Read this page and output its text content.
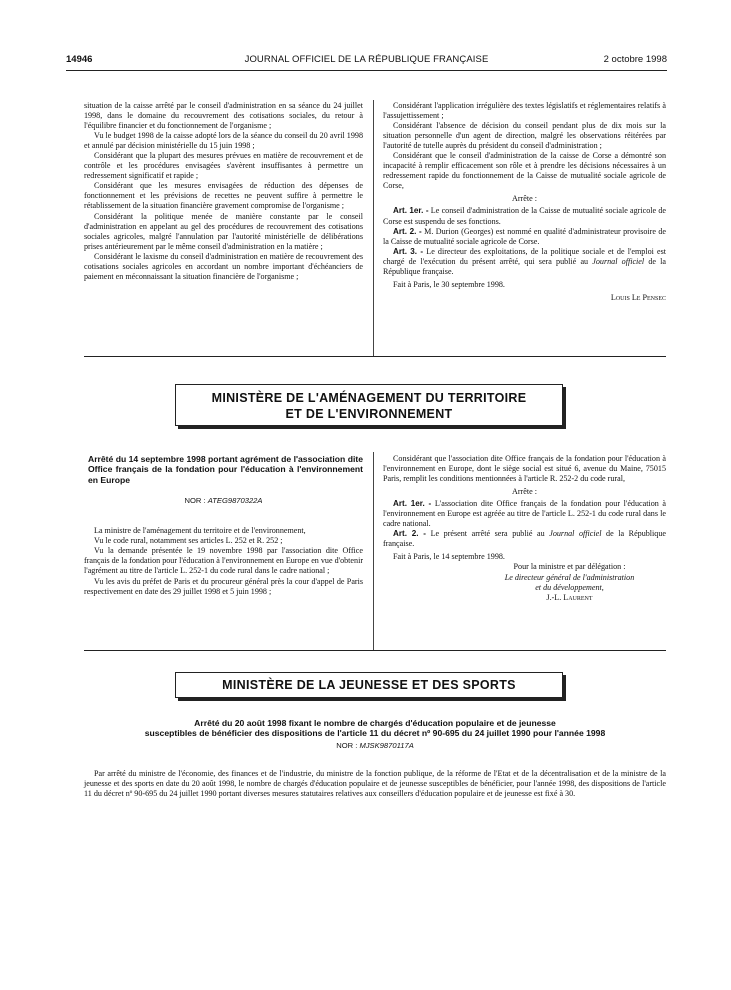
14946	JOURNAL OFFICIEL DE LA RÉPUBLIQUE FRANÇAISE	2 octobre 1998

situation de la caisse arrêté par le conseil d'administration en sa séance du 24 juillet 1998, dans le domaine du recouvrement des cotisations sociales, du retour à l'équilibre financier et du fonctionnement de l'organisme ;

Vu le budget 1998 de la caisse adopté lors de la séance du conseil du 20 avril 1998 et annulé par décision ministérielle du 15 juin 1998 ;

Considérant que la plupart des mesures prévues en matière de recouvrement et de contrôle et les procédures envisagées s'avèrent insuffisantes à permettre un redressement significatif et rapide ;

Considérant que les mesures envisagées de réduction des dépenses de fonctionnement et les prévisions de recettes ne peuvent suffire à permettre le rétablissement de la situation financière gravement compromise de l'organisme ;

Considérant la politique menée de manière constante par le conseil d'administration en appelant au gel des procédures de recouvrement des cotisations sociales agricoles, malgré l'annulation par l'autorité ministérielle de délibérations prises antérieurement par le même conseil d'administration en la matière ;

Considérant le laxisme du conseil d'administration en matière de recouvrement des cotisations sociales agricoles en accordant un nombre important d'échéanciers de paiement en méconnaissant la situation financière de l'organisme ;

Considérant l'application irrégulière des textes législatifs et réglementaires relatifs à l'assujettissement ;

Considérant l'absence de décision du conseil pendant plus de dix mois sur la situation personnelle d'un agent de direction, malgré les observations réitérées par l'autorité de tutelle auprès du président du conseil d'administration ;

Considérant que le conseil d'administration de la caisse de Corse a démontré son incapacité à remplir efficacement son rôle et à prendre les décisions nécessaires à un redressement rapide du fonctionnement de la Caisse de mutualité sociale agricole de Corse,

Arrête :

Art. 1er. - Le conseil d'administration de la Caisse de mutualité sociale agricole de Corse est suspendu de ses fonctions.

Art. 2. - M. Durion (Georges) est nommé en qualité d'administrateur provisoire de la Caisse de mutualité sociale agricole de Corse.

Art. 3. - Le directeur des exploitations, de la politique sociale et de l'emploi est chargé de l'exécution du présent arrêté, qui sera publié au Journal officiel de la République française.

Fait à Paris, le 30 septembre 1998.

Louis Le Pensec

MINISTÈRE DE L'AMÉNAGEMENT DU TERRITOIRE
ET DE L'ENVIRONNEMENT

Arrêté du 14 septembre 1998 portant agrément de l'association dite Office français de la fondation pour l'éducation à l'environnement en Europe

NOR : ATEG9870322A

La ministre de l'aménagement du territoire et de l'environnement,

Vu le code rural, notamment ses articles L. 252 et R. 252 ;

Vu la demande présentée le 19 novembre 1998 par l'association dite Office français de la fondation pour l'éducation à l'environnement en Europe en vue d'obtenir l'agrément au titre de l'article L. 252-1 du code rural dans le cadre national ;

Vu les avis du préfet de Paris et du procureur général près la cour d'appel de Paris respectivement en date des 29 juillet 1998 et 5 juin 1998 ;

Considérant que l'association dite Office français de la fondation pour l'éducation à l'environnement en Europe, dont le siège social est situé 6, avenue du Maine, 75015 Paris, remplit les conditions mentionnées à l'article R. 252-2 du code rural,

Arrête :

Art. 1er. - L'association dite Office français de la fondation pour l'éducation à l'environnement en Europe est agréée au titre de l'article L. 252-1 du code rural dans le cadre national.

Art. 2. - Le présent arrêté sera publié au Journal officiel de la République française.

Fait à Paris, le 14 septembre 1998.

Pour la ministre et par délégation :

Le directeur général de l'administration

et du développement,

J.-L. Laurent

MINISTÈRE DE LA JEUNESSE ET DES SPORTS

Arrêté du 20 août 1998 fixant le nombre de chargés d'éducation populaire et de jeunesse

susceptibles de bénéficier des dispositions de l'article 11 du décret nº 90-695 du 24 juillet 1990 pour l'année 1998

NOR : MJSK9870117A

Par arrêté du ministre de l'économie, des finances et de l'industrie, du ministre de la fonction publique, de la réforme de l'Etat et de la décentralisation et de la ministre de la jeunesse et des sports en date du 20 août 1998, le nombre de chargés d'éducation populaire et de jeunesse susceptibles de bénéficier, pour l'année 1998, des dispositions de l'article 11 du décret nº 90-695 du 24 juillet 1990 portant diverses mesures statutaires relatives aux conseillers d'éducation populaire et de jeunesse est fixé à 30.
